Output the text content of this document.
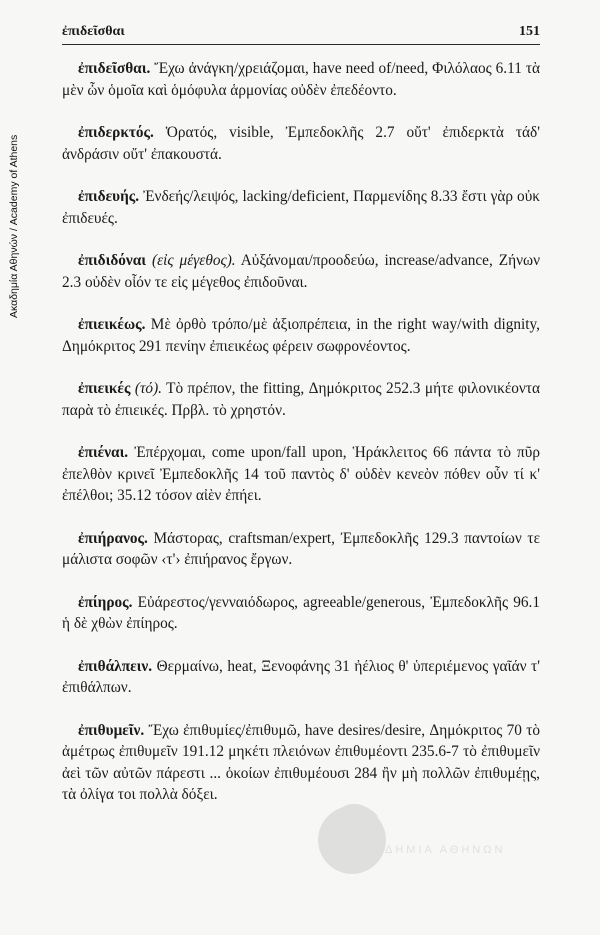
Ακαδημία Αθηνών / Academy of Athens
ἐπιδεῖσθαι	151

ἐπιδεῖσθαι. Ἔχω ἀνάγκη/χρειάζομαι, have need of/need, Φιλόλαος 6.11 τὰ μὲν ὧν ὁμοῖα καὶ ὁμόφυλα ἁρμονίας οὐδὲν ἐπεδέοντο.

ἐπιδερκτός. Ὁρατός, visible, Ἐμπεδοκλῆς 2.7 οὔτ' ἐπιδερκτὰ τάδ' ἀνδράσιν οὔτ' ἐπακουστά.

ἐπιδευής. Ἐνδεής/λειψός, lacking/deficient, Παρμενίδης 8.33 ἔστι γὰρ οὐκ ἐπιδευές.

ἐπιδιδόναι (εἰς μέγεθος). Αὐξάνομαι/προοδεύω, increase/advance, Ζήνων 2.3 οὐδὲν οἷόν τε εἰς μέγεθος ἐπιδοῦναι.

ἐπιεικέως. Μὲ ὀρθὸ τρόπο/μὲ ἀξιοπρέπεια, in the right way/with dignity, Δημόκριτος 291 πενίην ἐπιεικέως φέρειν σωφρονέοντος.

ἐπιεικές (τό). Τὸ πρέπον, the fitting, Δημόκριτος 252.3 μήτε φιλονικέοντα παρὰ τὸ ἐπιεικές. Πρβλ. τὸ χρηστόν.

ἐπιέναι. Ἐπέρχομαι, come upon/fall upon, Ἡράκλειτος 66 πάντα τὸ πῦρ ἐπελθὸν κρινεῖ Ἐμπεδοκλῆς 14 τοῦ παντὸς δ' οὐδὲν κενεὸν πόθεν οὖν τί κ' ἐπέλθοι; 35.12 τόσον αἰὲν ἐπήει.

ἐπιήρανος. Μάστορας, craftsman/expert, Ἐμπεδοκλῆς 129.3 παντοίων τε μάλιστα σοφῶν ‹τ'› ἐπιήρανος ἔργων.

ἐπίηρος. Εὐάρεστος/γενναιόδωρος, agreeable/generous, Ἐμπεδοκλῆς 96.1 ἡ δὲ χθὼν ἐπίηρος.

ἐπιθάλπειν. Θερμαίνω, heat, Ξενοφάνης 31 ἠέλιος θ' ὑπεριέμενος γαῖάν τ' ἐπιθάλπων.

ἐπιθυμεῖν. Ἔχω ἐπιθυμίες/ἐπιθυμῶ, have desires/desire, Δημόκριτος 70 τὸ ἀμέτρως ἐπιθυμεῖν 191.12 μηκέτι πλειόνων ἐπιθυμέοντι 235.6-7 τὸ ἐπιθυμεῖν ἀεὶ τῶν αὐτῶν πάρεστι ... ὁκοίων ἐπιθυμέουσι 284 ἢν μὴ πολλῶν ἐπιθυμέῃς, τὰ ὀλίγα τοι πολλὰ δόξει.

ΑΚΑΔΗΜΙΑ ΑΘΗΝΩΝ
